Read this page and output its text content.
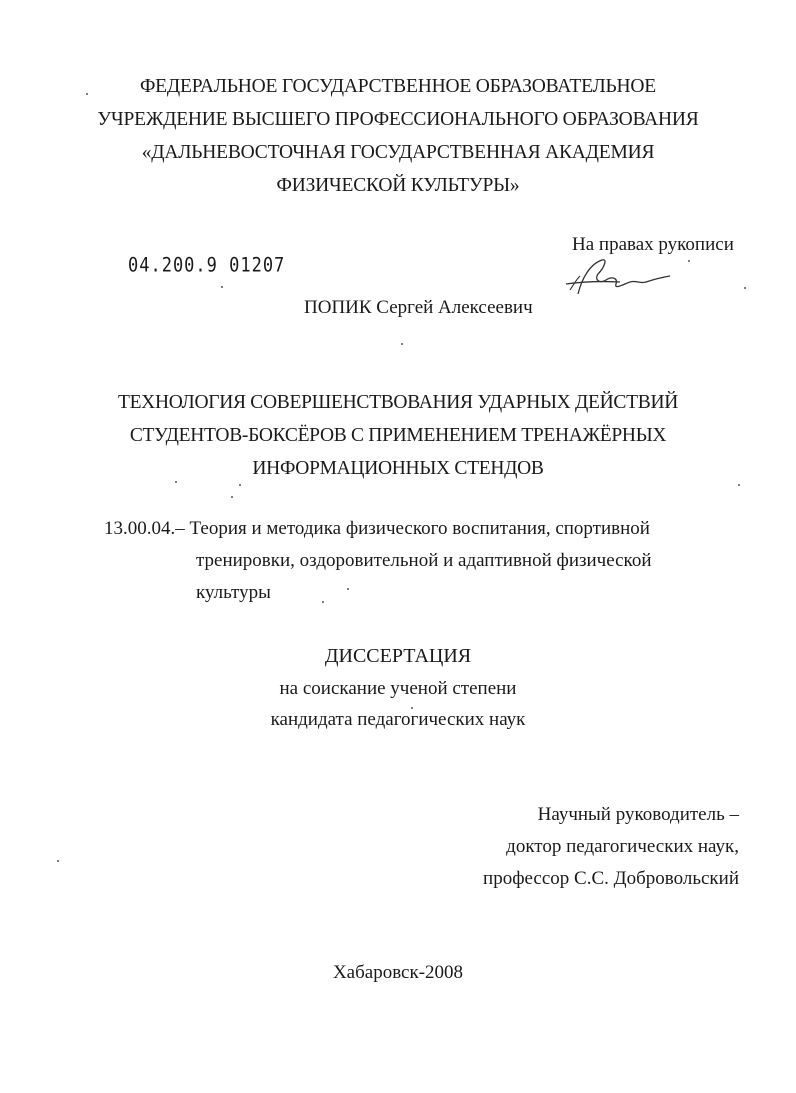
ФЕДЕРАЛЬНОЕ ГОСУДАРСТВЕННОЕ ОБРАЗОВАТЕЛЬНОЕ
УЧРЕЖДЕНИЕ ВЫСШЕГО ПРОФЕССИОНАЛЬНОГО ОБРАЗОВАНИЯ
«ДАЛЬНЕВОСТОЧНАЯ ГОСУДАРСТВЕННАЯ АКАДЕМИЯ
ФИЗИЧЕСКОЙ КУЛЬТУРЫ»
04.200.9 01207
На правах рукописи
ПОПИК Сергей Алексеевич
ТЕХНОЛОГИЯ СОВЕРШЕНСТВОВАНИЯ УДАРНЫХ ДЕЙСТВИЙ
СТУДЕНТОВ-БОКСЁРОВ С ПРИМЕНЕНИЕМ ТРЕНАЖЁРНЫХ
ИНФОРМАЦИОННЫХ СТЕНДОВ
13.00.04.– Теория и методика физического воспитания, спортивной
тренировки, оздоровительной и адаптивной физической
культуры
ДИССЕРТАЦИЯ
на соискание ученой степени
кандидата педагогических наук
Научный руководитель –
доктор педагогических наук,
профессор С.С. Добровольский
Хабаровск-2008
